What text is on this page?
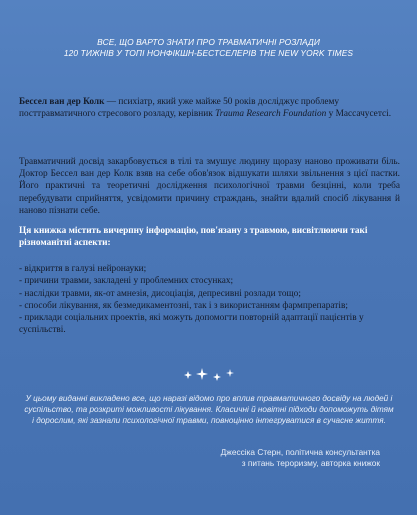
ВСЕ, ЩО ВАРТО ЗНАТИ ПРО ТРАВМАТИЧНІ РОЗЛАДИ
120 ТИЖНІВ У ТОПІ НОНФІКШН-БЕСТСЕЛЕРІВ THE NEW YORK TIMES
Бессел ван дер Колк — психіатр, який уже майже 50 років досліджує проблему посттравматичного стресового розладу, керівник Trauma Research Foundation у Массачусетсі.
Травматичний досвід закарбовується в тілі та змушує людину щоразу наново проживати біль. Доктор Бессел ван дер Колк взяв на себе обов'язок відшукати шляхи звільнення з цієї пастки. Його практичні та теоретичні дослідження психологічної травми безцінні, коли треба перебудувати сприйняття, усвідомити причину страждань, знайти вдалий спосіб лікування й наново пізнати себе.
Ця книжка містить вичерпну інформацію, пов'язану з травмою, висвітлюючи такі різноманітні аспекти:
- відкриття в галузі нейронауки;
- причини травми, закладені у проблемних стосунках;
- наслідки травми, як-от амнезія, дисоціація, депресивні розлади тощо;
- способи лікування, як безмедикаментозні, так і з використанням фармпрепаратів;
- приклади соціальних проектів, які можуть допомогти повторній адаптації пацієнтів у суспільстві.
У цьому виданні викладено все, що наразі відомо про вплив травматичного досвіду на людей і суспільство, та розкриті можливості лікування. Класичні й новітні підходи допоможуть дітям і дорослим, які зазнали психологічної травми, повноцінно інтегруватися в сучасне життя.
Джессіка Стерн, політична консультантка
з питань тероризму, авторка книжок
